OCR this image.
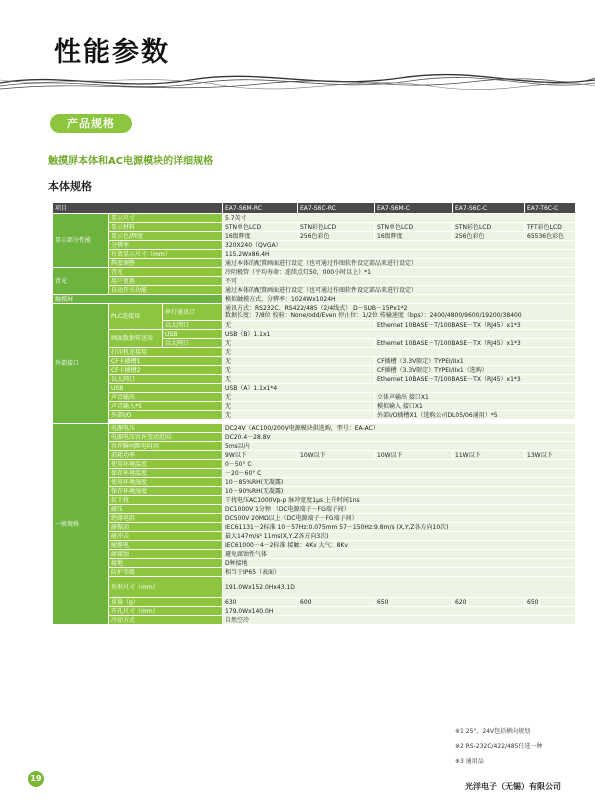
性能参数
产品规格
触摸屏本体和AC电源模块的详细规格
本体规格
项目			EA7-S6M-RC	EA7-S6C-RC	EA7-S6M-C	EA7-S6C-C	EA7-T6C-C
显示部分性能	显示尺寸		5.7英寸				
	显示材料		STN单色LCD	STN彩色LCD	STN单色LCD	STN彩色LCD	TFT彩色LCD
	显示色/辉度		16级辉度	256色彩色	16级辉度	256色彩色	65536色彩色
	分辨率		320X240（QVGA）				
	有效显示尺寸（mm）		115.2Wx86.4H				
	辉度调整		通过本体的配置画面进行设定（也可通过作图软件设定部品来进行设定）				
背光	背光		冷阴极管（平均寿命：连续点灯50，000小时以上）*1				
	用户更换		不可				
	自动开关功能		通过本体的配置画面进行设定（也可通过作图软件设定部品来进行设定）				
触摸屏			模拟触摸方式、分辨率：1024Wx1024H				
外部接口	PLC连接用	串行通讯口	通讯方式：RS232C、RS422/485（2/4线式） D－SUB－15Px1*2
数据长度：7/8位 校验：None/odd/Even 停止位：1/2位 传输速度（bps）：2400/4800/9600/19200/38400				

		以太网口	无		Ethernet 10BASE－T/100BASE－TX（RJ45）x1*3		
	画面数据传送用	USB	USB（B）1.1x1				
		以太网口	无		Ethernet 10BASE－T/100BASE－TX（RJ45）x1*3		
	打印机连接用		无				
	CF卡插槽1		无		CF插槽（3.3V限定）TYPEI/IIx1		
	CF卡插槽2		无		CF插槽（3.3V限定）TYPEI/IIx1（选购）		
	以太网口		无		Ethernet 10BASE－T/100BASE－TX（RJ45）x1*3		
	USB		USB（A）1.1x1*4				
	声音输出		无		立体声输出 接口X1		
	声音输入*5		无		模拟输入 接口X1		
	外部I/O		无		外部I/O插槽X1（选购公司DL05/06通用）*5		

一般规格	电源电压		DC24V（AC100/200V电源模块供选购，型号：EA-AC）				
	电源电压容许变动范围		DC20.4－28.8V				
	容许瞬间断电时间		5ms以内				
	消耗功率		9W以下	10W以下	10W以下	11W以下	13W以下
	使用环境温度		0－50° C				
	保存环境温度		－20－60° C				
	使用环境湿度		10－85%RH(无凝露)				
	保存环境湿度		10－90%RH(无凝露)				
	抗干扰		干扰电压AC1000Vp-p 脉冲宽度1μs 上升时间1ns				
	耐压		DC1000V 1分钟 （DC电源端子－FG端子间）				
	绝缘电阻		DC500V 20MΩ以上（DC电源端子－FG端子间）				
	耐振动		IEC61131－2标准 10－57Hz:0.075mm 57－150Hz:9.8m/s (X,Y,Z各方向10次)				
	耐冲击		最大147m/s² 11ms(X,Y,Z各方向3次)				
	耐静电		IEC61000－4－2标准 接触：4Kv 大气：8Kv				
	耐腐蚀		避免腐蚀性气体				
	接地		D种接地				
	防护等级		相当于IP65（表面）				
	外形尺寸（mm）		191.0Wx152.0Hx43.1D				
	重量（g）		630	600	650	620	650
	开孔尺寸（mm）		179.0Wx140.0H				
	冷却方式		自然空冷				
※1 25°、24V包括横向规划
※2 RS-232C/422/485任选一种
※3 通用品
19
光洋电子（无锡）有限公司
